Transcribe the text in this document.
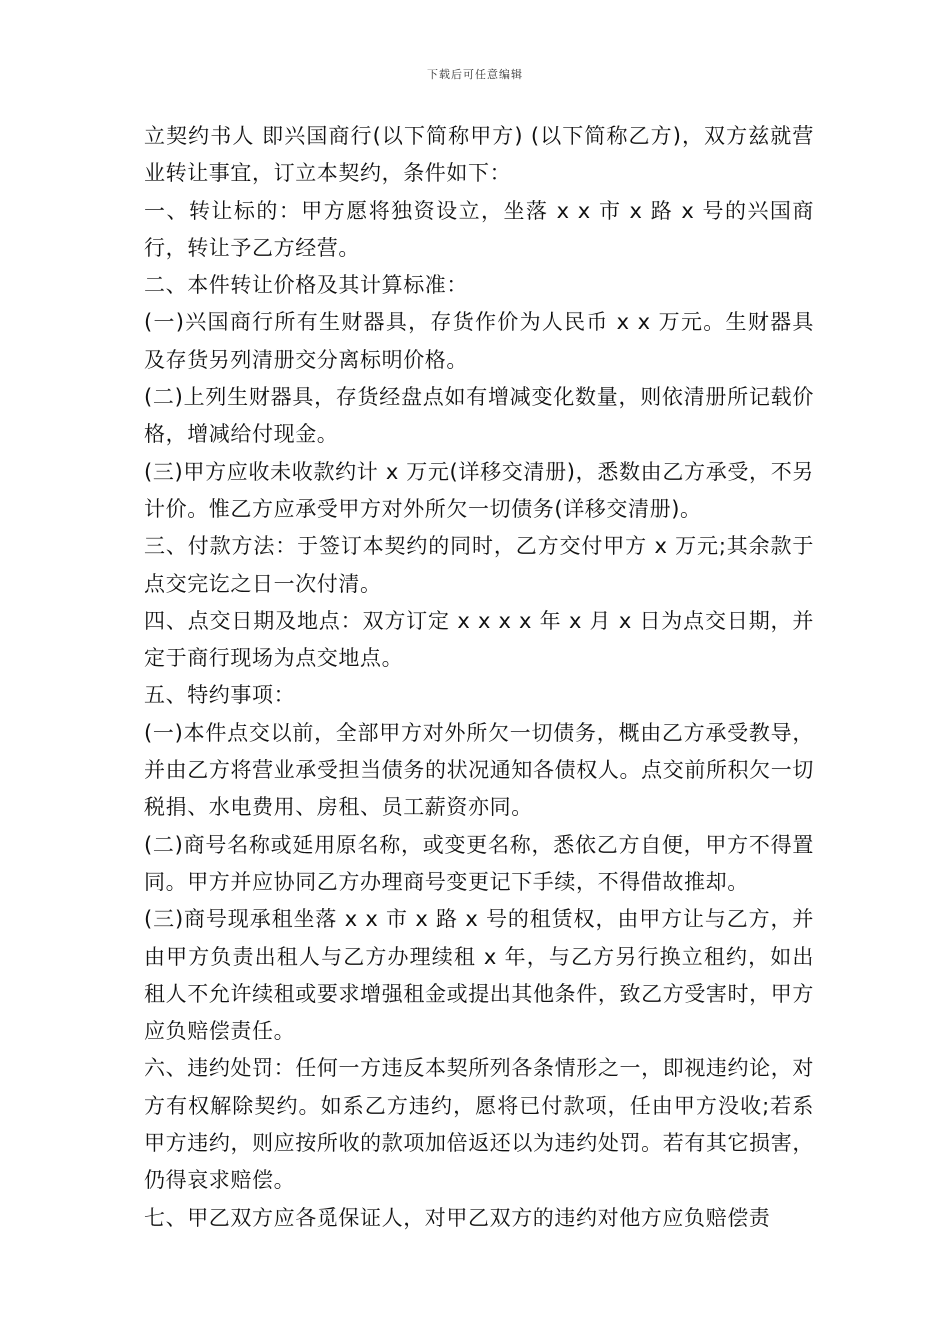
下载后可任意编辑

立契约书人 即兴国商行(以下简称甲方) (以下简称乙方)，双方兹就营业转让事宜，订立本契约，条件如下：

一、转让标的：甲方愿将独资设立，坐落 x x 市 x 路 x 号的兴国商行，转让予乙方经营。

二、本件转让价格及其计算标准：

(一)兴国商行所有生财器具，存货作价为人民币 x x 万元。生财器具及存货另列清册交分离标明价格。

(二)上列生财器具，存货经盘点如有增减变化数量，则依清册所记载价格，增减给付现金。

(三)甲方应收未收款约计 x 万元(详移交清册)，悉数由乙方承受，不另计价。惟乙方应承受甲方对外所欠一切债务(详移交清册)。

三、付款方法：于签订本契约的同时，乙方交付甲方 x 万元;其余款于点交完讫之日一次付清。

四、点交日期及地点：双方订定 x x x x 年 x 月 x 日为点交日期，并定于商行现场为点交地点。

五、特约事项：

(一)本件点交以前，全部甲方对外所欠一切债务，概由乙方承受教导，并由乙方将营业承受担当债务的状况通知各债权人。点交前所积欠一切税捐、水电费用、房租、员工薪资亦同。

(二)商号名称或延用原名称，或变更名称，悉依乙方自便，甲方不得置同。甲方并应协同乙方办理商号变更记下手续，不得借故推却。

(三)商号现承租坐落 x x 市 x 路 x 号的租赁权，由甲方让与乙方，并由甲方负责出租人与乙方办理续租 x 年，与乙方另行换立租约，如出租人不允许续租或要求增强租金或提出其他条件，致乙方受害时，甲方应负赔偿责任。

六、违约处罚：任何一方违反本契所列各条情形之一，即视违约论，对方有权解除契约。如系乙方违约，愿将已付款项，任由甲方没收;若系甲方违约，则应按所收的款项加倍返还以为违约处罚。若有其它损害，仍得哀求赔偿。

七、甲乙双方应各觅保证人，对甲乙双方的违约对他方应负赔偿责
